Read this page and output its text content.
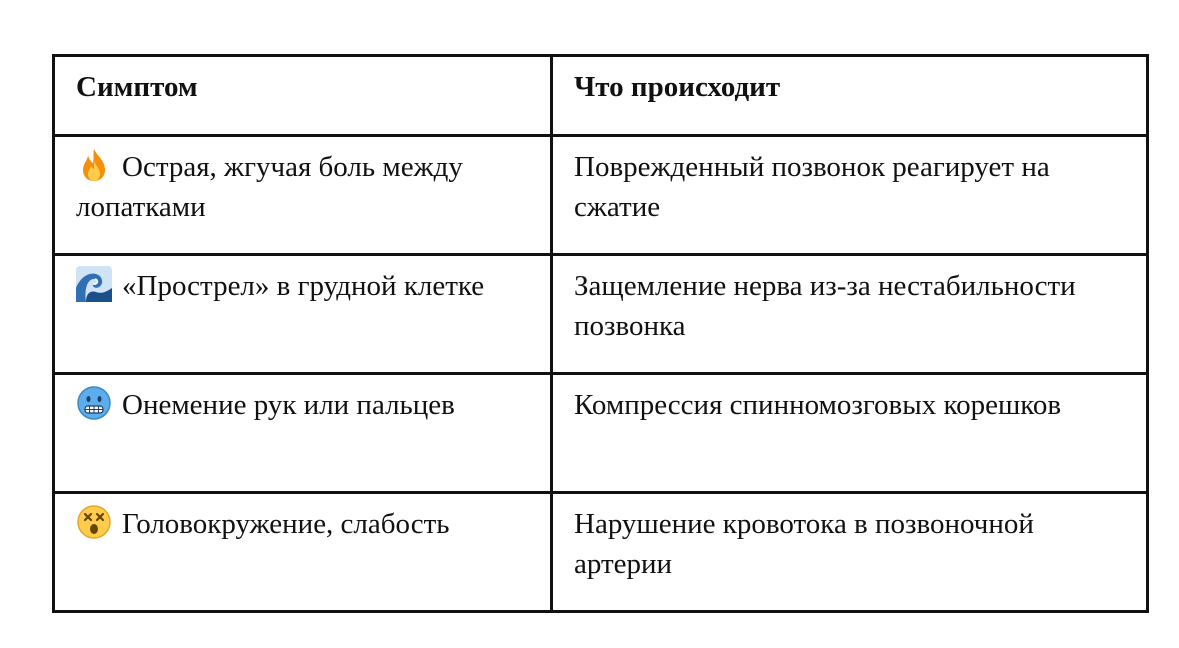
Симптом	Что происходит

Острая, жгучая боль между лопатками	Поврежденный позвонок реагирует на сжатие

«Прострел» в грудной клетке	Защемление нерва из-за нестабильности позвонка

Онемение рук или пальцев	Компрессия спинномозговых корешков

Головокружение, слабость	Нарушение кровотока в позвоночной артерии
